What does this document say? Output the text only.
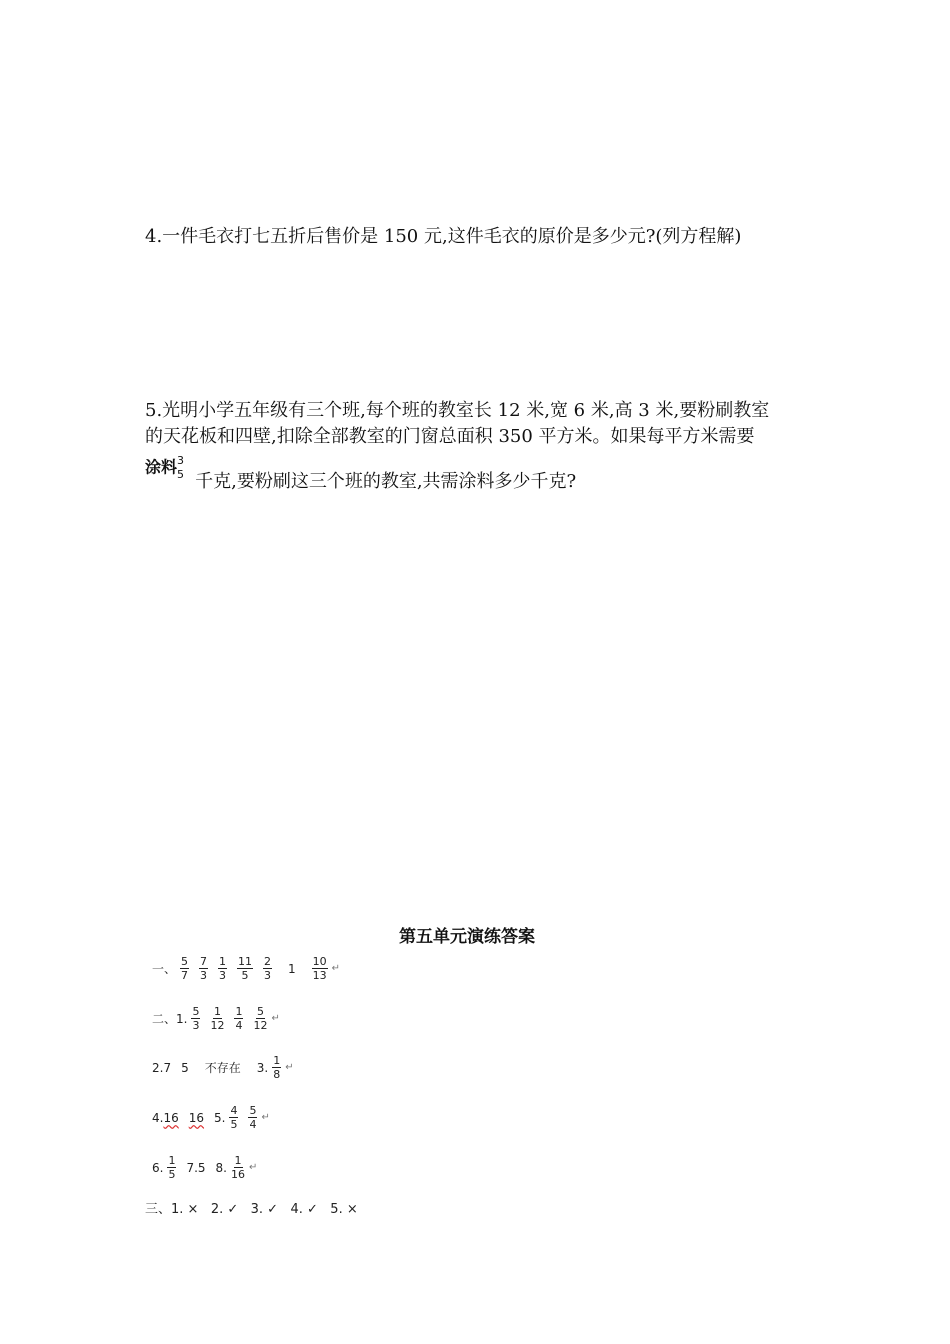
4.一件毛衣打七五折后售价是 150 元,这件毛衣的原价是多少元?(列方程解)
5.光明小学五年级有三个班,每个班的教室长 12 米,宽 6 米,高 3 米,要粉刷教室
的天花板和四壁,扣除全部教室的门窗总面积 350 平方米。如果每平方米需要
涂料 3
5 千克,要粉刷这三个班的教室,共需涂料多少千克?
第五单元演练答案
一、 $\frac{5}{7} \frac{7}{3} \frac{1}{3} \frac{11}{5} \frac{2}{3} 1 \frac{10}{13}$ ↵
二、1. $\frac{5}{3} \frac{1}{12} \frac{1}{4} \frac{5}{12}$ ↵
2.7 5 不存在 3. $\frac{1}{8}$ ↵
4. 16 16 5. $\frac{4}{5} \frac{5}{4}$ ↵
6. $\frac{1}{5} 7.5$ 8. $\frac{1}{16}$ ↵
三、1. ×   2. ✓   3. ✓   4. ✓   5. ×
